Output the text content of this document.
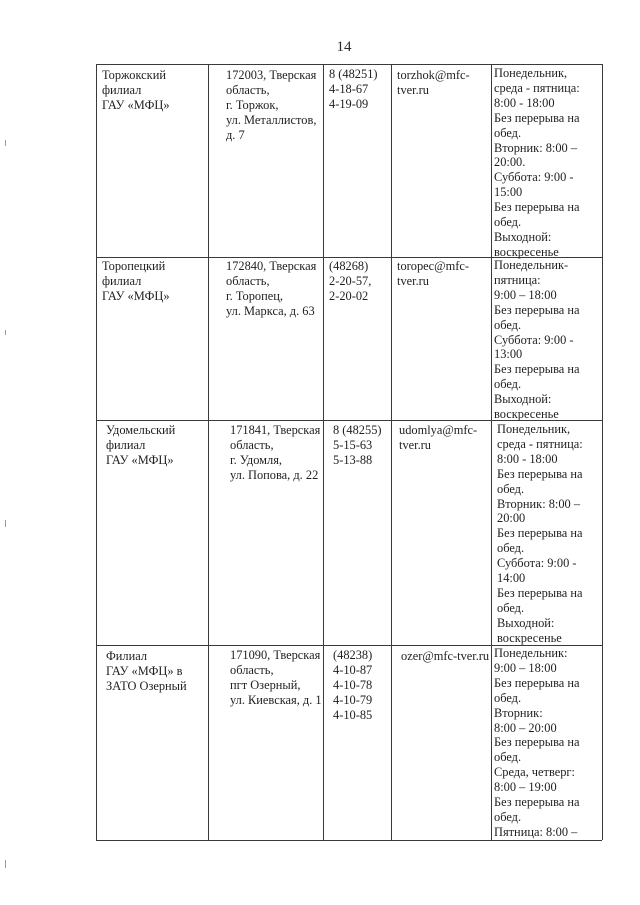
14
Торжокский
филиал
ГАУ «МФЦ»
172003, Тверская
область,
г. Торжок,
ул. Металлистов,
д. 7
8 (48251)
4-18-67
4-19-09
torzhok@mfc-
tver.ru
Понедельник,
среда - пятница:
8:00 - 18:00
Без перерыва на
обед.
Вторник: 8:00 –
20:00.
Суббота: 9:00 -
15:00
Без перерыва на
обед.
Выходной:
воскресенье
Торопецкий
филиал
ГАУ «МФЦ»
172840, Тверская
область,
г. Торопец,
ул. Маркса, д. 63
(48268)
2-20-57,
2-20-02
toropec@mfc-
tver.ru
Понедельник-
пятница:
9:00 – 18:00
Без перерыва на
обед.
Суббота: 9:00 -
13:00
Без перерыва на
обед.
Выходной:
воскресенье
Удомельский
филиал
ГАУ «МФЦ»
171841, Тверская
область,
г. Удомля,
ул. Попова, д. 22
8 (48255)
5-15-63
5-13-88
udomlya@mfc-
tver.ru
Понедельник,
среда - пятница:
8:00 - 18:00
Без перерыва на
обед.
Вторник: 8:00 –
20:00
Без перерыва на
обед.
Суббота: 9:00 -
14:00
Без перерыва на
обед.
Выходной:
воскресенье
Филиал
ГАУ «МФЦ» в
ЗАТО Озерный
171090, Тверская
область,
пгт Озерный,
ул. Киевская, д. 1
(48238)
4-10-87
4-10-78
4-10-79
4-10-85
ozer@mfc-tver.ru Понедельник:
9:00 – 18:00
Без перерыва на
обед.
Вторник:
8:00 – 20:00
Без перерыва на
обед.
Среда, четверг:
8:00 – 19:00
Без перерыва на
обед.
Пятница: 8:00 –
